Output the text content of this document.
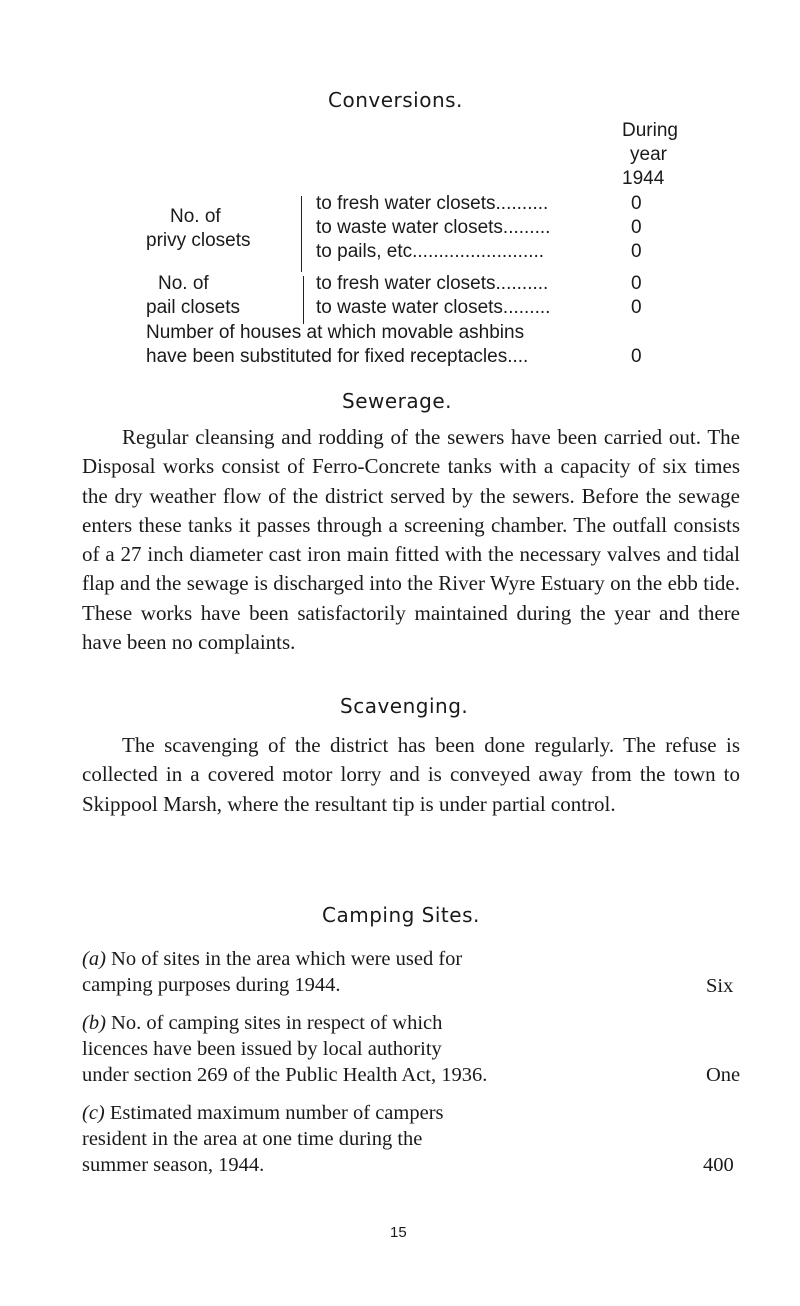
Conversions.
During
year
1944
No. of
privy closets
to fresh water closets..........	0
to waste water closets.........	0
to pails, etc.........................	0
No. of
pail closets
to fresh water closets..........	0
to waste water closets.........	0
Number of houses at which movable ashbins
have been substituted for fixed receptacles....	0
Sewerage.
Regular cleansing and rodding of the sewers have been carried out. The Disposal works consist of Ferro-Concrete tanks with a capacity of six times the dry weather flow of the district served by the sewers. Before the sewage enters these tanks it passes through a screening chamber. The outfall consists of a 27 inch diameter cast iron main fitted with the necessary valves and tidal flap and the sewage is discharged into the River Wyre Estuary on the ebb tide. These works have been satisfactorily maintained during the year and there have been no complaints.
Scavenging.
The scavenging of the district has been done regularly. The refuse is collected in a covered motor lorry and is conveyed away from the town to Skippool Marsh, where the resultant tip is under partial control.
Camping Sites.
(a) No of sites in the area which were used for
camping purposes during 1944.	Six
(b) No. of camping sites in respect of which
licences have been issued by local authority
under section 269 of the Public Health Act, 1936.	One
(c) Estimated maximum number of campers
resident in the area at one time during the
summer season, 1944.	400
15
